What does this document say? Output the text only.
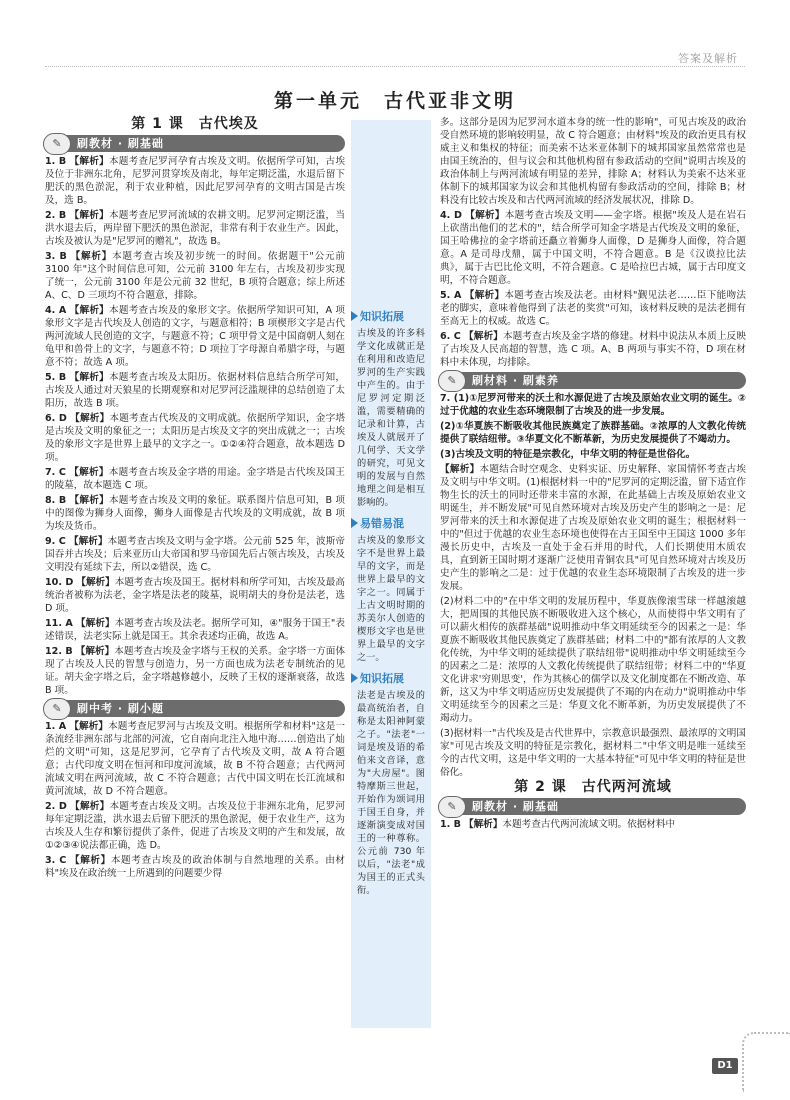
答案及解析
第一单元　古代亚非文明
第 1 课　古代埃及
✎	刷教材 · 刷基础
1. B 【解析】本题考查尼罗河孕育古埃及文明。依据所学可知，古埃及位于非洲东北角，尼罗河贯穿埃及南北，每年定期泛滥，水退后留下肥沃的黑色淤泥，利于农业种植，因此尼罗河孕育的文明古国是古埃及，选 B。
2. B 【解析】本题考查尼罗河流域的农耕文明。尼罗河定期泛滥，当洪水退去后，两岸留下肥沃的黑色淤泥，非常有利于农业生产。因此，古埃及被认为是"尼罗河的赠礼"，故选 B。
3. B 【解析】本题考查古埃及初步统一的时间。依据题干"公元前 3100 年"这个时间信息可知，公元前 3100 年左右，古埃及初步实现了统一，公元前 3100 年是公元前 32 世纪，B 项符合题意；综上所述 A、C、D 三项均不符合题意，排除。
4. A 【解析】本题考查古埃及的象形文字。依据所学知识可知，A 项象形文字是古代埃及人创造的文字，与题意相符；B 项楔形文字是古代两河流域人民创造的文字，与题意不符；C 项甲骨文是中国商朝人刻在龟甲和兽骨上的文字，与题意不符；D 项拉丁字母源自希腊字母，与题意不符；故选 A 项。
5. B 【解析】本题考查古埃及太阳历。依据材料信息结合所学可知，古埃及人通过对天狼星的长期观察和对尼罗河泛滥规律的总结创造了太阳历，故选 B 项。
6. D 【解析】本题考查古代埃及的文明成就。依据所学知识，金字塔是古埃及文明的象征之一；太阳历是古埃及文字的突出成就之一；古埃及的象形文字是世界上最早的文字之一。①②④符合题意，故本题选 D 项。
7. C 【解析】本题考查古埃及金字塔的用途。金字塔是古代埃及国王的陵墓，故本题选 C 项。
8. B 【解析】本题考查古埃及文明的象征。联系图片信息可知，B 项中的图像为狮身人面像，狮身人面像是古代埃及的文明成就，故 B 项为埃及货币。
9. C 【解析】本题考查古埃及文明与金字塔。公元前 525 年，波斯帝国吞并古埃及；后来亚历山大帝国和罗马帝国先后占领古埃及，古埃及文明没有延续下去，所以②错误，选 C。
10. D 【解析】本题考查古埃及国王。据材料和所学可知，古埃及最高统治者被称为法老，金字塔是法老的陵墓，说明胡夫的身份是法老，选 D 项。
11. A 【解析】本题考查古埃及法老。据所学可知，④"服务于国王"表述错误，法老实际上就是国王。其余表述均正确，故选 A。
12. B 【解析】本题考查古埃及金字塔与王权的关系。金字塔一方面体现了古埃及人民的智慧与创造力，另一方面也成为法老专制统治的见证。胡夫金字塔之后，金字塔越修越小，反映了王权的逐渐衰落，故选 B 项。
✎	刷中考 · 刷小题
1. A 【解析】本题考查尼罗河与古埃及文明。根据所学和材料"这是一条流经非洲东部与北部的河流，它自南向北注入地中海……创造出了灿烂的文明"可知，这是尼罗河，它孕育了古代埃及文明，故 A 符合题意；古代印度文明在恒河和印度河流域，故 B 不符合题意；古代两河流域文明在两河流域，故 C 不符合题意；古代中国文明在长江流域和黄河流域，故 D 不符合题意。
2. D 【解析】本题考查古埃及文明。古埃及位于非洲东北角，尼罗河每年定期泛滥，洪水退去后留下肥沃的黑色淤泥，便于农业生产，这为古埃及人生存和繁衍提供了条件，促进了古埃及文明的产生和发展，故①②③④说法都正确，选 D。
3. C 【解析】本题考查古埃及的政治体制与自然地理的关系。由材料"埃及在政治统一上所遇到的问题要少得
知识拓展
古埃及的许多科学文化成就正是在利用和改造尼罗河的生产实践中产生的。由于尼罗河定期泛滥，需要精确的记录和计算，古埃及人就展开了几何学、天文学的研究，可见文明的发展与自然地理之间是相互影响的。
易错易混
古埃及的象形文字不是世界上最早的文字，而是世界上最早的文字之一。同属于上古文明时期的苏美尔人创造的楔形文字也是世界上最早的文字之一。
知识拓展
法老是古埃及的最高统治者，自称是太阳神阿蒙之子。"法老"一词是埃及语的希伯来文音译，意为"大房屋"。图特摩斯三世起，开始作为颂词用于国王自身，并逐渐演变成对国王的一种尊称。公元前 730 年以后，"法老"成为国王的正式头衔。
多。这部分是因为尼罗河水道本身的统一性的影响"，可见古埃及的政治受自然环境的影响较明显，故 C 符合题意；由材料"埃及的政治更具有权威主义和集权的特征；而美索不达米亚体制下的城邦国家虽然常常也是由国王统治的，但与议会和其他机构留有参政活动的空间"说明古埃及的政治体制上与两河流域有明显的差异，排除 A；材料认为美索不达米亚体制下的城邦国家为议会和其他机构留有参政活动的空间，排除 B；材料没有比较古埃及和古代两河流域的经济发展状况，排除 D。
4. D 【解析】本题考查古埃及文明——金字塔。根据"埃及人是在岩石上砍凿出他们的艺术的"，结合所学可知金字塔是古代埃及文明的象征，国王哈佛拉的金字塔前还矗立着狮身人面像，D 是狮身人面像，符合题意。A 是司母戊鼎，属于中国文明，不符合题意。B 是《汉谟拉比法典》，属于古巴比伦文明，不符合题意。C 是哈拉巴古城，属于古印度文明，不符合题意。
5. A 【解析】本题考查古埃及法老。由材料"觐见法老……臣下能吻法老的脚实，意味着他得到了法老的奖赏"可知，该材料反映的是法老拥有至高无上的权威。故选 C。
6. C 【解析】本题考查古埃及金字塔的修建。材料中说法从本质上反映了古埃及人民高超的智慧，选 C 项。A、B 两项与事实不符，D 项在材料中未体现，均排除。
✎	刷材料 · 刷素养
7. (1)①尼罗河带来的沃土和水源促进了古埃及原始农业文明的诞生。②过于优越的农业生态环境限制了古埃及的进一步发展。
(2)①华夏族不断吸收其他民族奠定了族群基础。②浓厚的人文教化传统提供了联结纽带。③华夏文化不断革新，为历史发展提供了不竭动力。
(3)古埃及文明的特征是宗教化，中华文明的特征是世俗化。
【解析】本题结合时空观念、史料实证、历史解释、家国情怀考查古埃及文明与中华文明。(1)根据材料一中的"尼罗河的定期泛滥，留下适宜作物生长的沃土的同时还带来丰富的水源，在此基础上古埃及原始农业文明诞生，并不断发展"可见自然环境对古埃及历史产生的影响之一是：尼罗河带来的沃土和水源促进了古埃及原始农业文明的诞生；根据材料一中的"但过于优越的农业生态环境也使得在古王国至中王国这 1000 多年漫长历史中，古埃及一直处于金石并用的时代，人们长期使用木质农具，直到新王国时期才逐渐广泛使用青铜农具"可见自然环境对古埃及历史产生的影响之二是：过于优越的农业生态环境限制了古埃及的进一步发展。
(2)材料二中的"在中华文明的发展历程中，华夏族像滚雪球一样越滚越大，把周围的其他民族不断吸收进入这个核心，从而使得中华文明有了可以薪火相传的族群基础"说明推动中华文明延续至今的因素之一是：华夏族不断吸收其他民族奠定了族群基础；材料二中的"都有浓厚的人文教化传统，为中华文明的延续提供了联结纽带"说明推动中华文明延续至今的因素之二是：浓厚的人文教化传统提供了联结纽带；材料二中的"华夏文化讲求'穷则思变'，作为其核心的儒学以及文化制度都在不断改造、革新，这又为中华文明适应历史发展提供了不竭的内在动力"说明推动中华文明延续至今的因素之三是：华夏文化不断革新，为历史发展提供了不竭动力。
(3)据材料一"古代埃及是古代世界中，宗教意识最强烈、最浓厚的文明国家"可见古埃及文明的特征是宗教化，据材料二"中华文明是唯一延续至今的古代文明，这是中华文明的一大基本特征"可见中华文明的特征是世俗化。
第 2 课　古代两河流域
✎	刷教材 · 刷基础
1. B 【解析】本题考查古代两河流域文明。依据材料中
D1
